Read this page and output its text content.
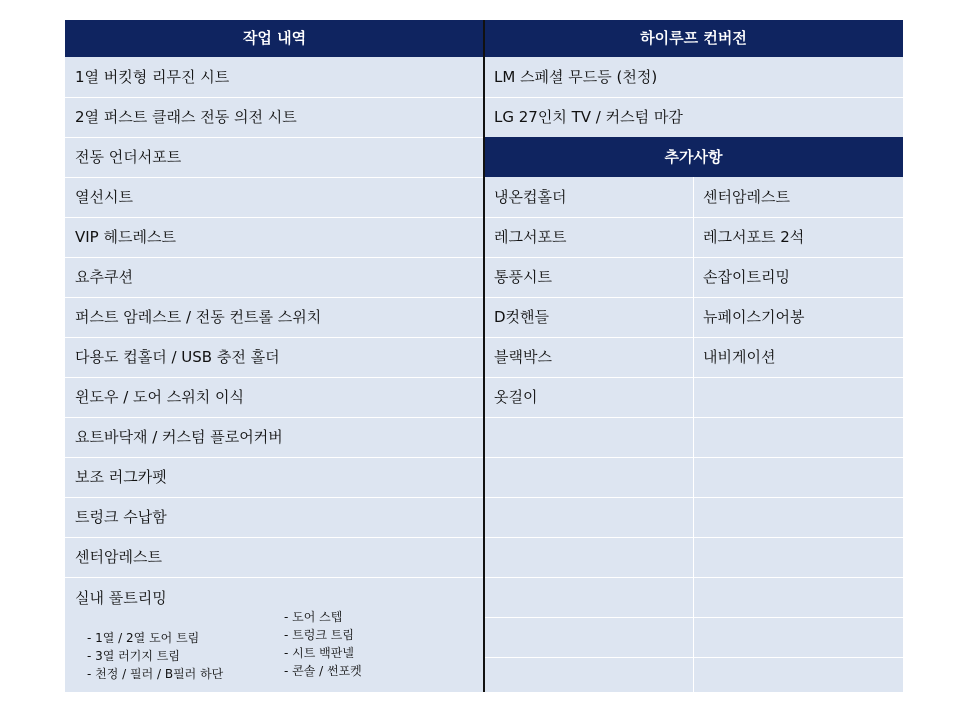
작업 내역	하이루프 컨버전
1열 버킷형 리무진 시트
2열 퍼스트 클래스 전동 의전 시트
전동 언더서포트
열선시트
VIP 헤드레스트
요추쿠션
퍼스트 암레스트 / 전동 컨트롤 스위치
다용도 컵홀더 / USB 충전 홀더
윈도우 / 도어 스위치 이식
요트바닥재 / 커스텀 플로어커버
보조 러그카펫
트렁크 수납함
센터암레스트
실내 풀트리밍
- 1열 / 2열 도어 트림
- 3열 러기지 트림
- 천정 / 필러 / B필러 하단
- 도어 스텝
- 트렁크 트림
- 시트 백판넬
- 콘솔 / 썬포켓
LM 스페셜 무드등 (천정)
LG 27인치 TV / 커스텀 마감
추가사항
냉온컵홀더
레그서포트
통풍시트
D컷핸들
블랙박스
옷걸이
센터암레스트
레그서포트 2석
손잡이트리밍
뉴페이스기어봉
내비게이션
